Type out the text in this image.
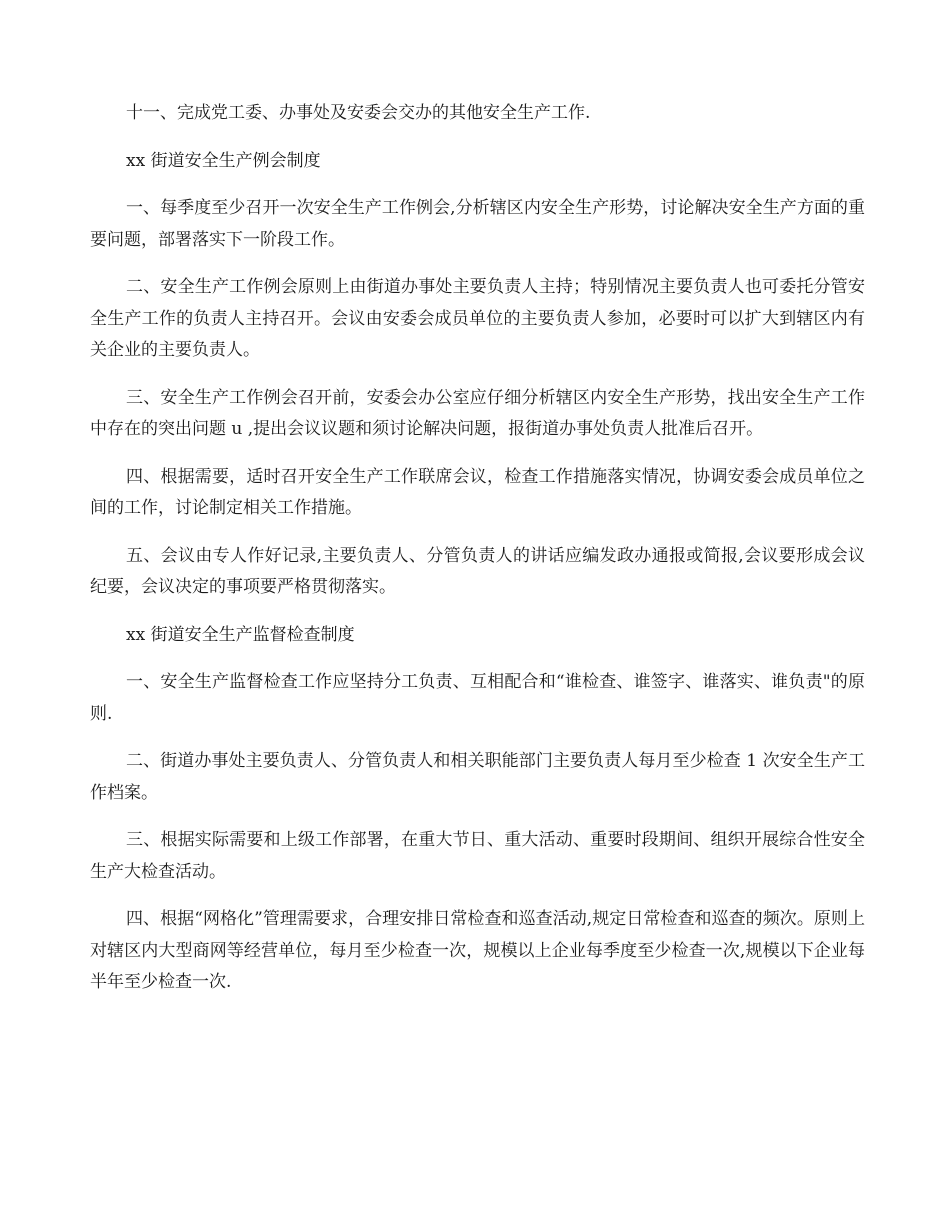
十一、完成党工委、办事处及安委会交办的其他安全生产工作.

xx 街道安全生产例会制度

一、每季度至少召开一次安全生产工作例会,分析辖区内安全生产形势，讨论解决安全生产方面的重要问题，部署落实下一阶段工作。

二、安全生产工作例会原则上由街道办事处主要负责人主持；特别情况主要负责人也可委托分管安全生产工作的负责人主持召开。会议由安委会成员单位的主要负责人参加，必要时可以扩大到辖区内有关企业的主要负责人。

三、安全生产工作例会召开前，安委会办公室应仔细分析辖区内安全生产形势，找出安全生产工作中存在的突出问题 u ,提出会议议题和须讨论解决问题，报街道办事处负责人批准后召开。

四、根据需要，适时召开安全生产工作联席会议，检查工作措施落实情况，协调安委会成员单位之间的工作，讨论制定相关工作措施。

五、会议由专人作好记录,主要负责人、分管负责人的讲话应编发政办通报或简报,会议要形成会议纪要，会议决定的事项要严格贯彻落实。

xx 街道安全生产监督检查制度

一、安全生产监督检查工作应坚持分工负责、互相配合和“谁检查、谁签字、谁落实、谁负责"的原则.

二、街道办事处主要负责人、分管负责人和相关职能部门主要负责人每月至少检查 1 次安全生产工作档案。

三、根据实际需要和上级工作部署，在重大节日、重大活动、重要时段期间、组织开展综合性安全生产大检查活动。

四、根据“网格化”管理需要求，合理安排日常检查和巡查活动,规定日常检查和巡查的频次。原则上对辖区内大型商网等经营单位，每月至少检查一次，规模以上企业每季度至少检查一次,规模以下企业每半年至少检查一次.
